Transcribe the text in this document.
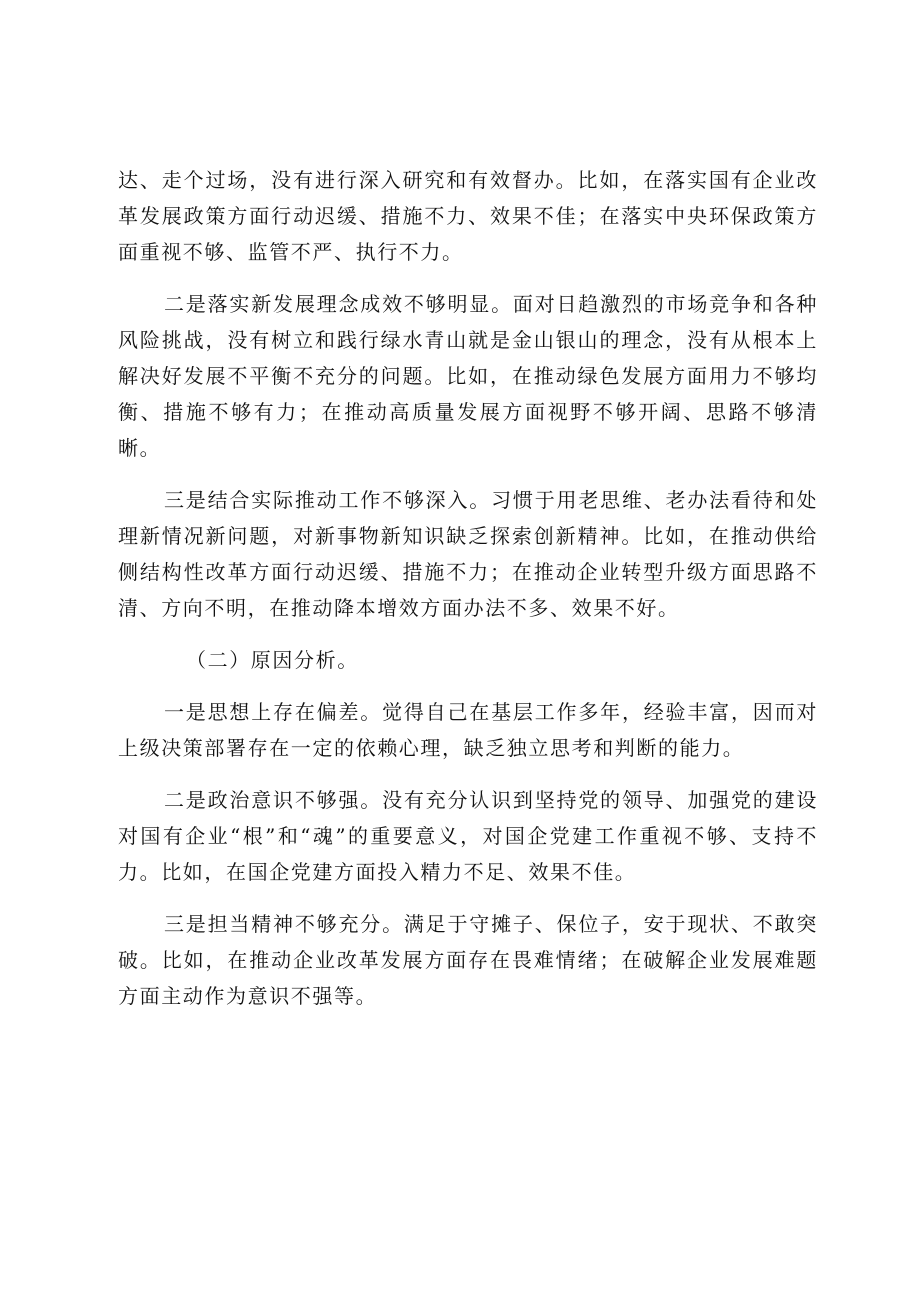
达、走个过场，没有进行深入研究和有效督办。比如，在落实国有企业改革发展政策方面行动迟缓、措施不力、效果不佳；在落实中央环保政策方面重视不够、监管不严、执行不力。

二是落实新发展理念成效不够明显。面对日趋激烈的市场竞争和各种风险挑战，没有树立和践行绿水青山就是金山银山的理念，没有从根本上解决好发展不平衡不充分的问题。比如，在推动绿色发展方面用力不够均衡、措施不够有力；在推动高质量发展方面视野不够开阔、思路不够清晰。

三是结合实际推动工作不够深入。习惯于用老思维、老办法看待和处理新情况新问题，对新事物新知识缺乏探索创新精神。比如，在推动供给侧结构性改革方面行动迟缓、措施不力；在推动企业转型升级方面思路不清、方向不明，在推动降本增效方面办法不多、效果不好。

（二）原因分析。

一是思想上存在偏差。觉得自己在基层工作多年，经验丰富，因而对上级决策部署存在一定的依赖心理，缺乏独立思考和判断的能力。

二是政治意识不够强。没有充分认识到坚持党的领导、加强党的建设对国有企业“根”和“魂”的重要意义，对国企党建工作重视不够、支持不力。比如，在国企党建方面投入精力不足、效果不佳。

三是担当精神不够充分。满足于守摊子、保位子，安于现状、不敢突破。比如，在推动企业改革发展方面存在畏难情绪；在破解企业发展难题方面主动作为意识不强等。
